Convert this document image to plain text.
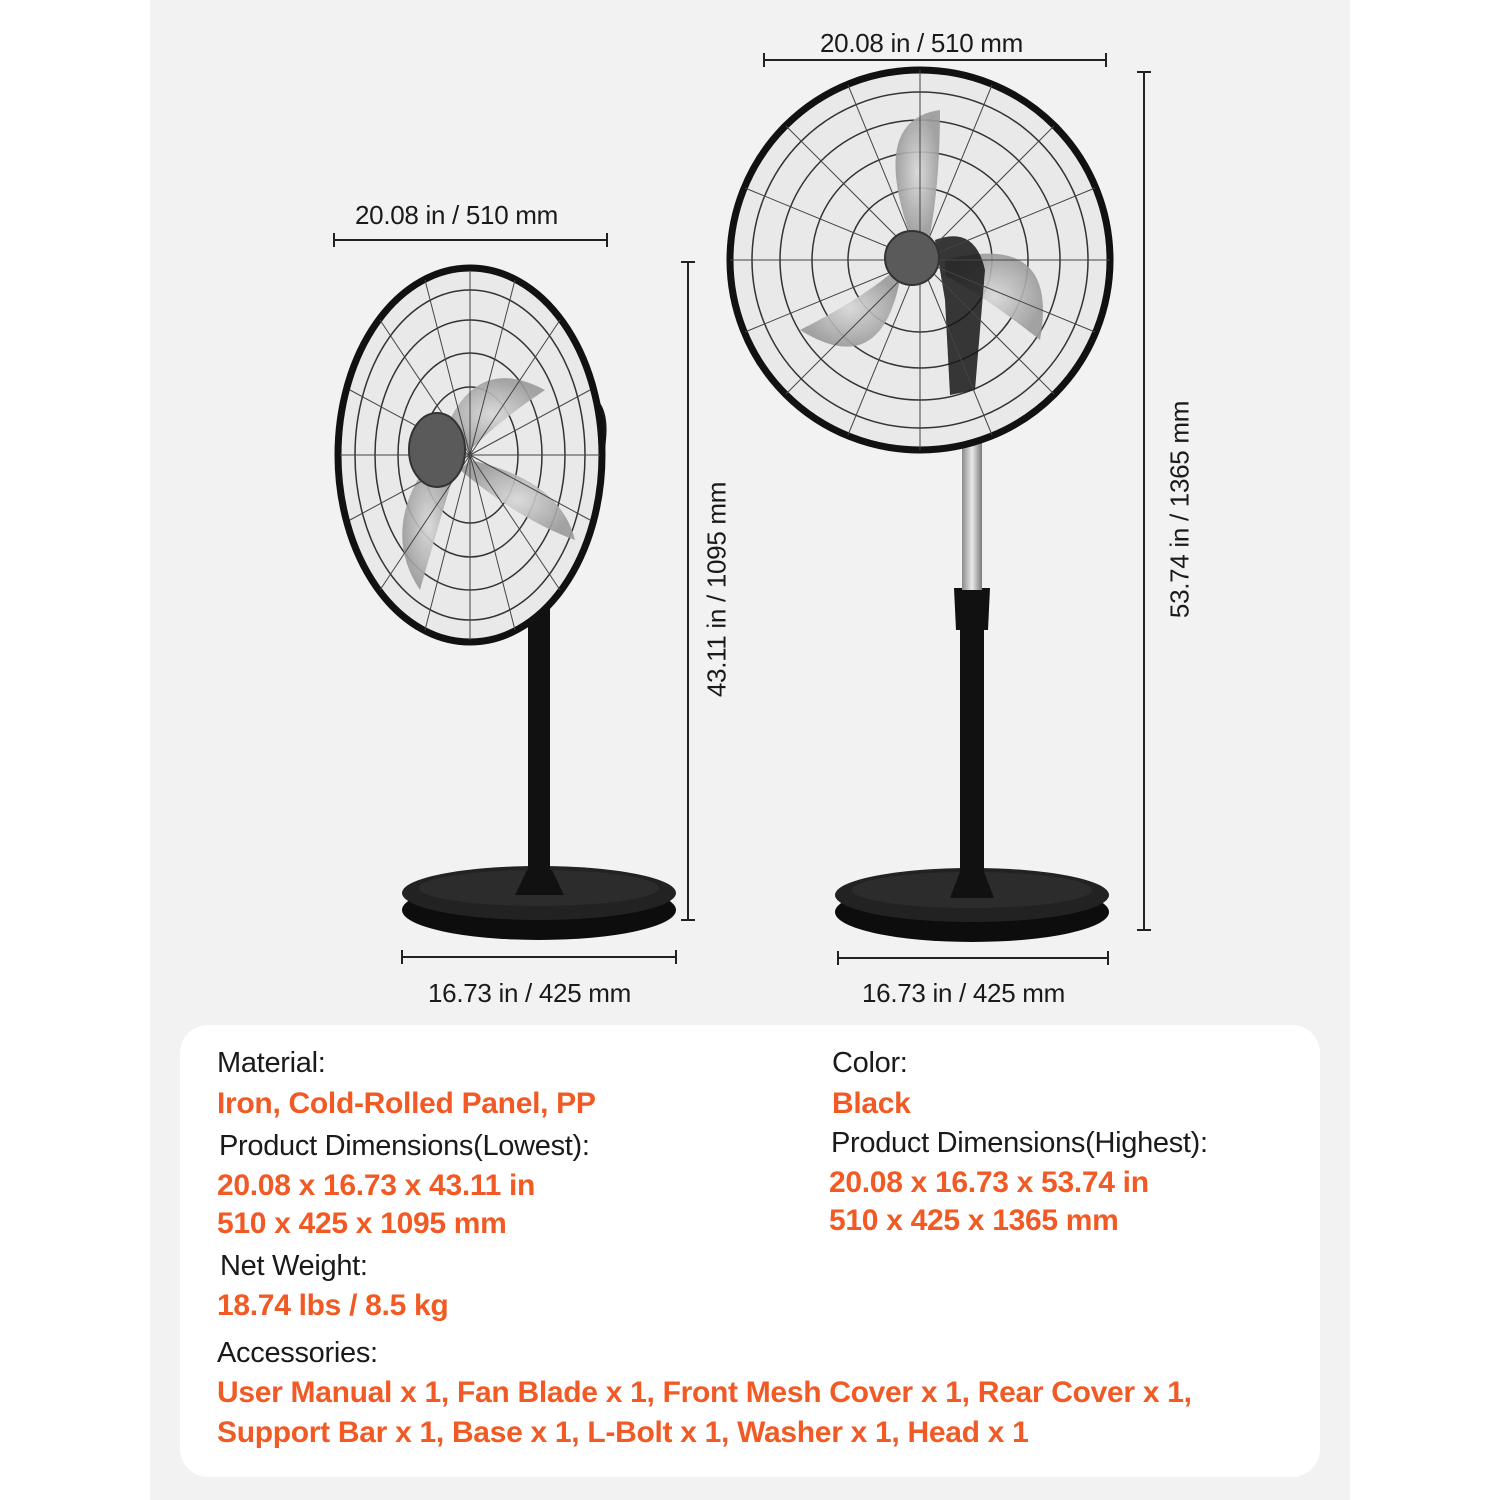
20.08 in / 510 mm
43.11 in / 1095 mm
16.73 in / 425 mm
20.08 in / 510 mm
53.74 in / 1365 mm
16.73 in / 425 mm
Material:
Iron, Cold-Rolled Panel, PP
Product Dimensions(Lowest):
20.08 x 16.73 x 43.11 in
510 x 425 x 1095 mm
Net Weight:
18.74 lbs / 8.5 kg
Color:
Black
Product Dimensions(Highest):
20.08 x 16.73 x 53.74 in
510 x 425 x 1365 mm
Accessories:
User Manual x 1, Fan Blade x 1, Front Mesh Cover x 1, Rear Cover x 1,
Support Bar x 1, Base x 1, L-Bolt x 1, Washer x 1, Head x 1
